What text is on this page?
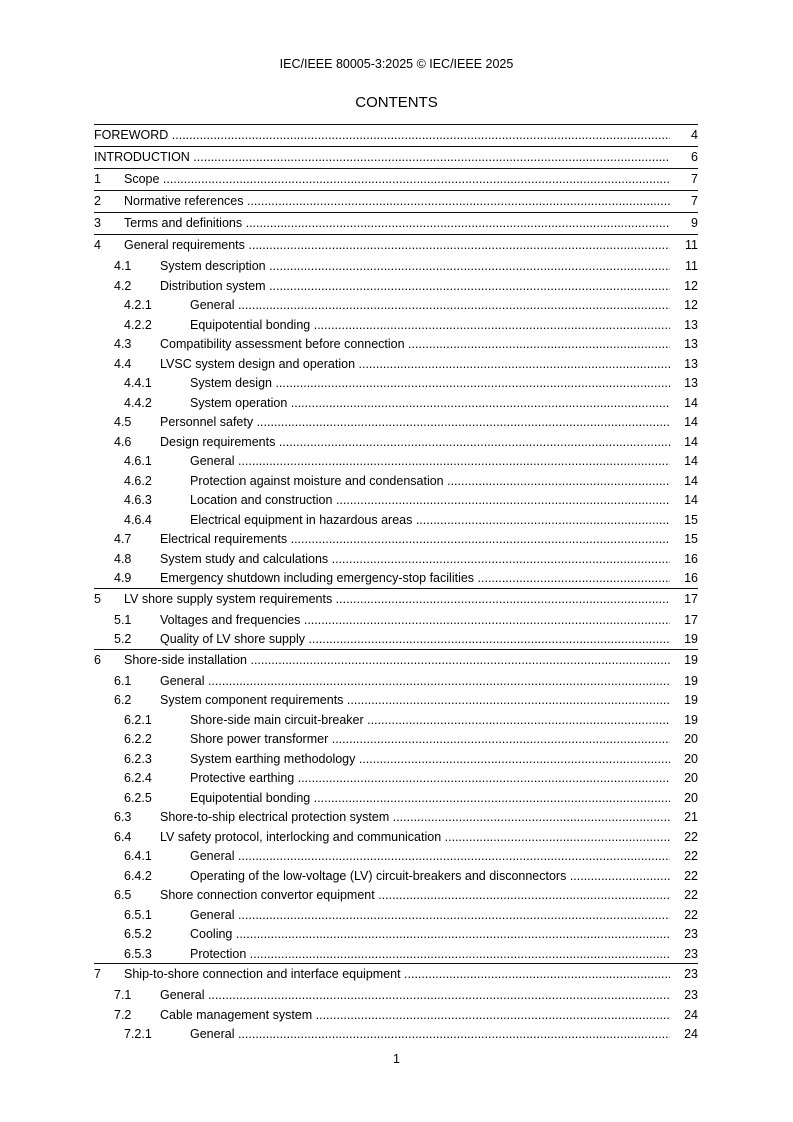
IEC/IEEE 80005-3:2025 © IEC/IEEE 2025
CONTENTS
FOREWORD .....	4
INTRODUCTION .....	6
1 Scope .....	7
2 Normative references .....	7
3 Terms and definitions .....	9
4 General requirements .....	11
4.1 System description .....	11
4.2 Distribution system .....	12
4.2.1	General .....	12
4.2.2	Equipotential bonding .....	13
4.3 Compatibility assessment before connection .....	13
4.4 LVSC system design and operation .....	13
4.4.1	System design .....	13
4.4.2	System operation .....	14
4.5 Personnel safety .....	14
4.6 Design requirements .....	14
4.6.1	General .....	14
4.6.2	Protection against moisture and condensation .....	14
4.6.3	Location and construction .....	14
4.6.4	Electrical equipment in hazardous areas .....	15
4.7 Electrical requirements .....	15
4.8 System study and calculations .....	16
4.9 Emergency shutdown including emergency-stop facilities .....	16
5 LV shore supply system requirements .....	17
5.1 Voltages and frequencies .....	17
5.2 Quality of LV shore supply .....	19
6 Shore-side installation .....	19
6.1 General .....	19
6.2 System component requirements .....	19
6.2.1	Shore-side main circuit-breaker .....	19
6.2.2	Shore power transformer .....	20
6.2.3	System earthing methodology .....	20
6.2.4	Protective earthing .....	20
6.2.5	Equipotential bonding .....	20
6.3 Shore-to-ship electrical protection system .....	21
6.4 LV safety protocol, interlocking and communication .....	22
6.4.1	General .....	22
6.4.2	Operating of the low-voltage (LV) circuit-breakers and disconnectors .....	22
6.5 Shore connection convertor equipment .....	22
6.5.1	General .....	22
6.5.2	Cooling .....	23
6.5.3	Protection .....	23
7 Ship-to-shore connection and interface equipment .....	23
7.1 General .....	23
7.2 Cable management system .....	24
7.2.1	General .....	24
1
